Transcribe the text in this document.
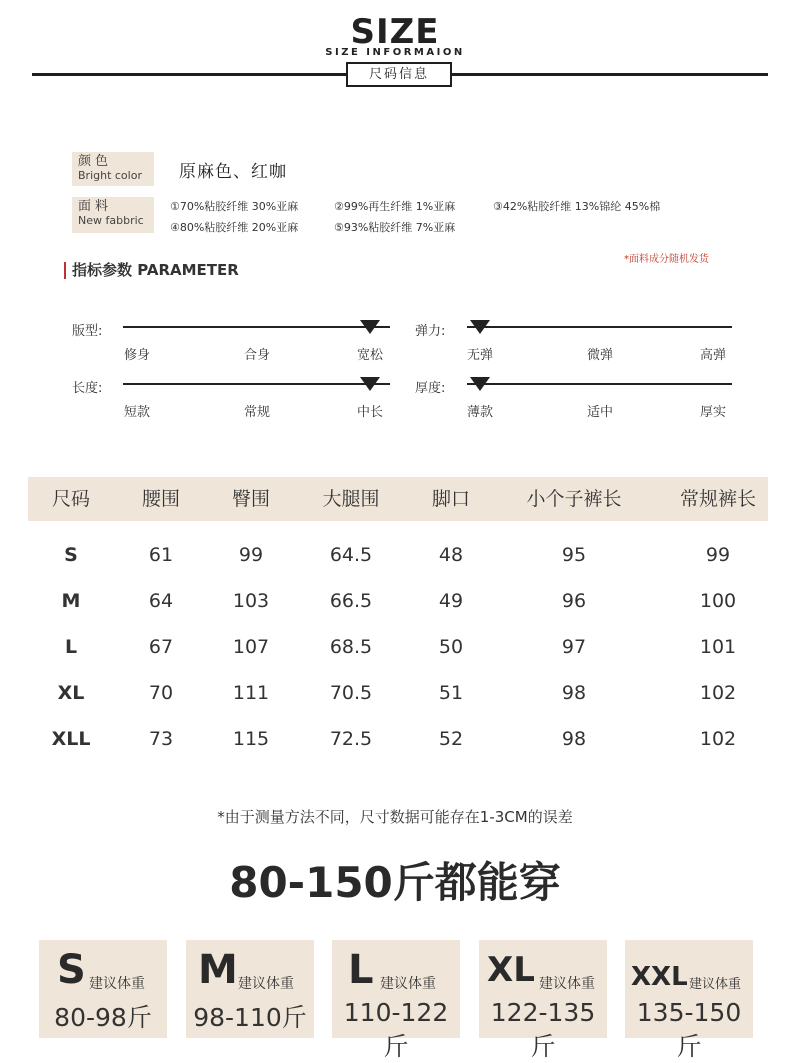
SIZE
SIZE INFORMAION
尺码信息
颜色
Bright color	原麻色、红咖
面料
New fabbric
①70%粘胶纤维 30%亚麻	②99%再生纤维 1%亚麻	③42%粘胶纤维 13%锦纶 45%棉
④80%粘胶纤维 20%亚麻	⑤93%粘胶纤维 7%亚麻
指标参数 PARAMETER
*面料成分随机发货
版型:
修身	合身	宽松
弹力:
无弹	微弹	高弹
长度:
短款	常规	中长
厚度:
薄款	适中	厚实
尺码	腰围	臀围	大腿围	脚口	小个子裤长	常规裤长
S	61	99	64.5	48	95	99
M	64	103	66.5	49	96	100
L	67	107	68.5	50	97	101
XL	70	111	70.5	51	98	102
XLL	73	115	72.5	52	98	102
*由于测量方法不同，尺寸数据可能存在1-3CM的误差
80-150斤都能穿
S 建议体重
80-98斤
M 建议体重
98-110斤
L 建议体重
110-122斤
XL 建议体重
122-135斤
XXL 建议体重
135-150斤
